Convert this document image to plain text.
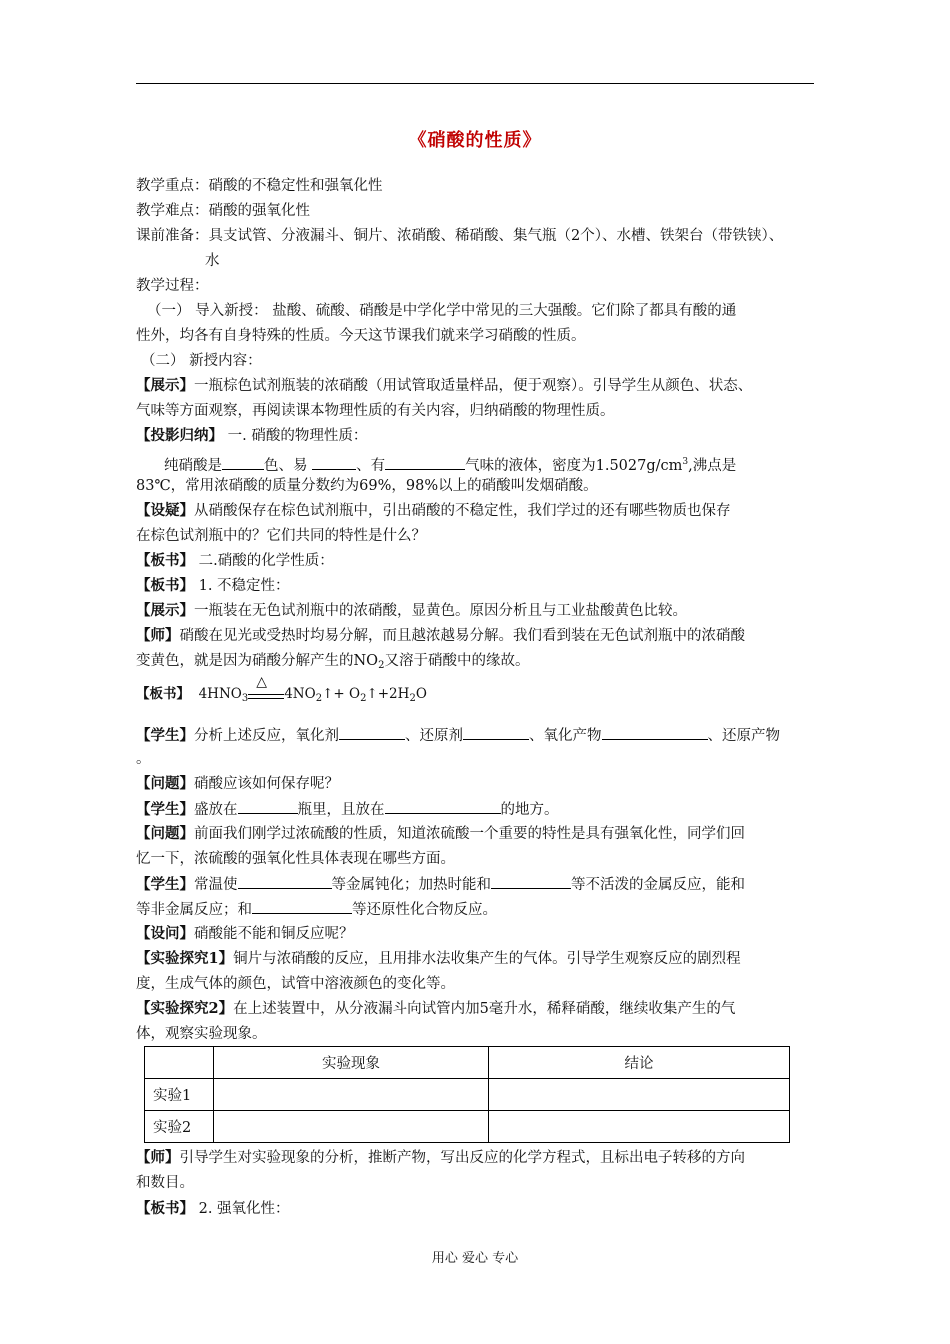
《硝酸的性质》
教学重点：硝酸的不稳定性和强氧化性
教学难点：硝酸的强氧化性
课前准备：具支试管、分液漏斗、铜片、浓硝酸、稀硝酸、集气瓶（2个）、水槽、铁架台（带铁铗）、
水
教学过程：
（一） 导入新授： 盐酸、硫酸、硝酸是中学化学中常见的三大强酸。它们除了都具有酸的通
性外，均各有自身特殊的性质。今天这节课我们就来学习硝酸的性质。
（二） 新授内容：
【展示】一瓶棕色试剂瓶装的浓硝酸（用试管取适量样品，便于观察）。引导学生从颜色、状态、
气味等方面观察，再阅读课本物理性质的有关内容，归纳硝酸的物理性质。
【投影归纳】 一. 硝酸的物理性质：
纯硝酸是	色、易	、有	气味的液体，密度为$1.5027g/cm^3$,沸点是
83℃，常用浓硝酸的质量分数约为69%，98%以上的硝酸叫发烟硝酸。
【设疑】从硝酸保存在棕色试剂瓶中，引出硝酸的不稳定性，我们学过的还有哪些物质也保存
在棕色试剂瓶中的？它们共同的特性是什么？
【板书】 二.硝酸的化学性质：
【板书】 1. 不稳定性：
【展示】一瓶装在无色试剂瓶中的浓硝酸，显黄色。原因分析且与工业盐酸黄色比较。
【师】硝酸在见光或受热时均易分解，而且越浓越易分解。我们看到装在无色试剂瓶中的浓硝酸
变黄色，就是因为硝酸分解产生的$NO_2$又溶于硝酸中的缘故。
【板书】 $4HNO_3$
△
$4NO_2↑+$ $O_2↑+2H_2O$
【学生】分析上述反应，氧化剂	、还原剂	、氧化产物	、还原产物
。
【问题】硝酸应该如何保存呢？
【学生】盛放在	瓶里，且放在	的地方。
【问题】前面我们刚学过浓硫酸的性质，知道浓硫酸一个重要的特性是具有强氧化性，同学们回
忆一下，浓硫酸的强氧化性具体表现在哪些方面。
【学生】常温使	等金属钝化；加热时能和	等不活泼的金属反应，能和
等非金属反应；和	等还原性化合物反应。
【设问】硝酸能不能和铜反应呢？
【实验探究1】铜片与浓硝酸的反应，且用排水法收集产生的气体。引导学生观察反应的剧烈程
度，生成气体的颜色，试管中溶液颜色的变化等。
【实验探究2】在上述装置中，从分液漏斗向试管内加5毫升水，稀释硝酸，继续收集产生的气
体，观察实验现象。
	实验现象	结论
实验1		
实验2		
【师】引导学生对实验现象的分析，推断产物，写出反应的化学方程式，且标出电子转移的方向
和数目。
【板书】 2. 强氧化性：
用心 爱心 专心
